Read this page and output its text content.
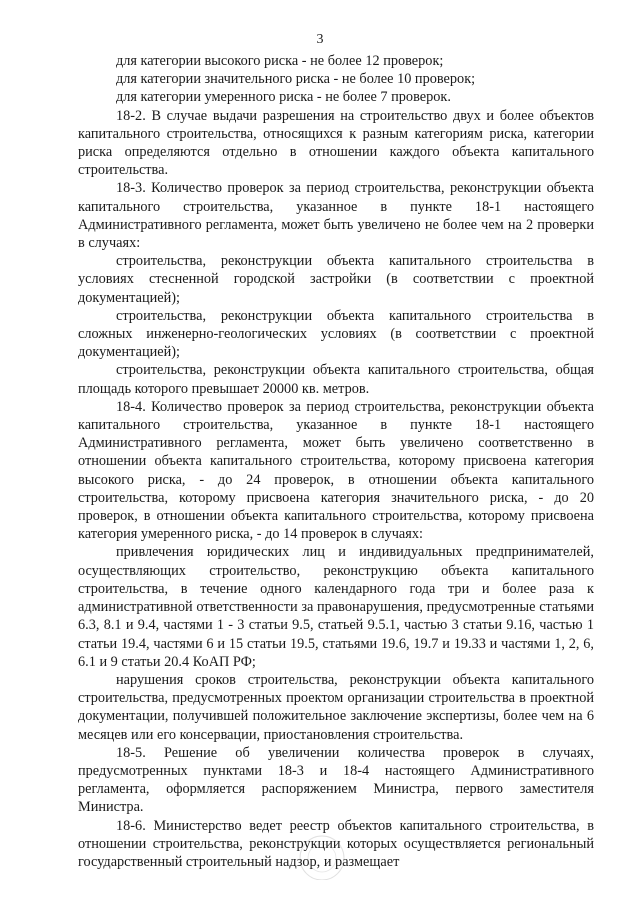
3

для категории высокого риска - не более 12 проверок;

для категории значительного риска - не более 10 проверок;

для категории умеренного риска - не более 7 проверок.

18-2. В случае выдачи разрешения на строительство двух и более объектов капитального строительства, относящихся к разным категориям риска, категории риска определяются отдельно в отношении каждого объекта капитального строительства.

18-3. Количество проверок за период строительства, реконструкции объекта капитального строительства, указанное в пункте 18-1 настоящего Административного регламента, может быть увеличено не более чем на 2 проверки в случаях:

строительства, реконструкции объекта капитального строительства в условиях стесненной городской застройки (в соответствии с проектной документацией);

строительства, реконструкции объекта капитального строительства в сложных инженерно-геологических условиях (в соответствии с проектной документацией);

строительства, реконструкции объекта капитального строительства, общая площадь которого превышает 20000 кв. метров.

18-4. Количество проверок за период строительства, реконструкции объекта капитального строительства, указанное в пункте 18-1 настоящего Административного регламента, может быть увеличено соответственно в отношении объекта капитального строительства, которому присвоена категория высокого риска, - до 24 проверок, в отношении объекта капитального строительства, которому присвоена категория значительного риска, - до 20 проверок, в отношении объекта капитального строительства, которому присвоена категория умеренного риска, - до 14 проверок в случаях:

привлечения юридических лиц и индивидуальных предпринимателей, осуществляющих строительство, реконструкцию объекта капитального строительства, в течение одного календарного года три и более раза к административной ответственности за правонарушения, предусмотренные статьями 6.3, 8.1 и 9.4, частями 1 - 3 статьи 9.5, статьей 9.5.1, частью 3 статьи 9.16, частью 1 статьи 19.4, частями 6 и 15 статьи 19.5, статьями 19.6, 19.7 и 19.33 и частями 1, 2, 6, 6.1 и 9 статьи 20.4 КоАП РФ;

нарушения сроков строительства, реконструкции объекта капитального строительства, предусмотренных проектом организации строительства в проектной документации, получившей положительное заключение экспертизы, более чем на 6 месяцев или его консервации, приостановления строительства.

18-5. Решение об увеличении количества проверок в случаях, предусмотренных пунктами 18-3 и 18-4 настоящего Административного регламента, оформляется распоряжением Министра, первого заместителя Министра.

18-6. Министерство ведет реестр объектов капитального строительства, в отношении строительства, реконструкции которых осуществляется региональный государственный строительный надзор, и размещает
